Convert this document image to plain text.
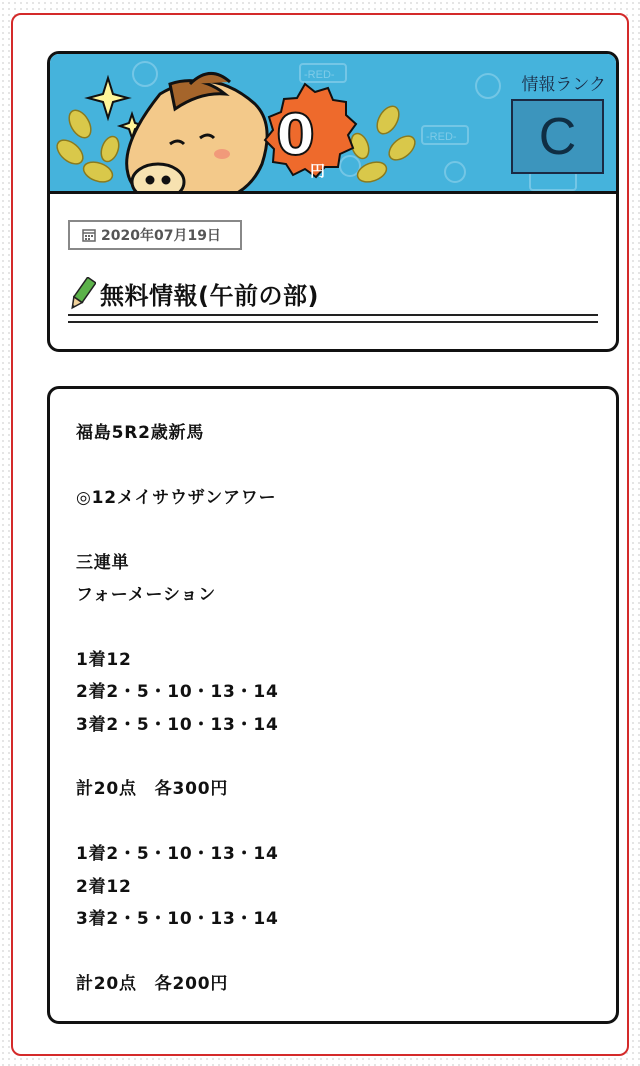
-RED-
-RED-
0
円
情報ランク
C
2020年07月19日
無料情報(午前の部)
福島5R2歳新馬
◎12メイサウザンアワー
三連単
フォーメーション
1着12
2着2・5・10・13・14
3着2・5・10・13・14
計20点　各300円
1着2・5・10・13・14
2着12
3着2・5・10・13・14
計20点　各200円
